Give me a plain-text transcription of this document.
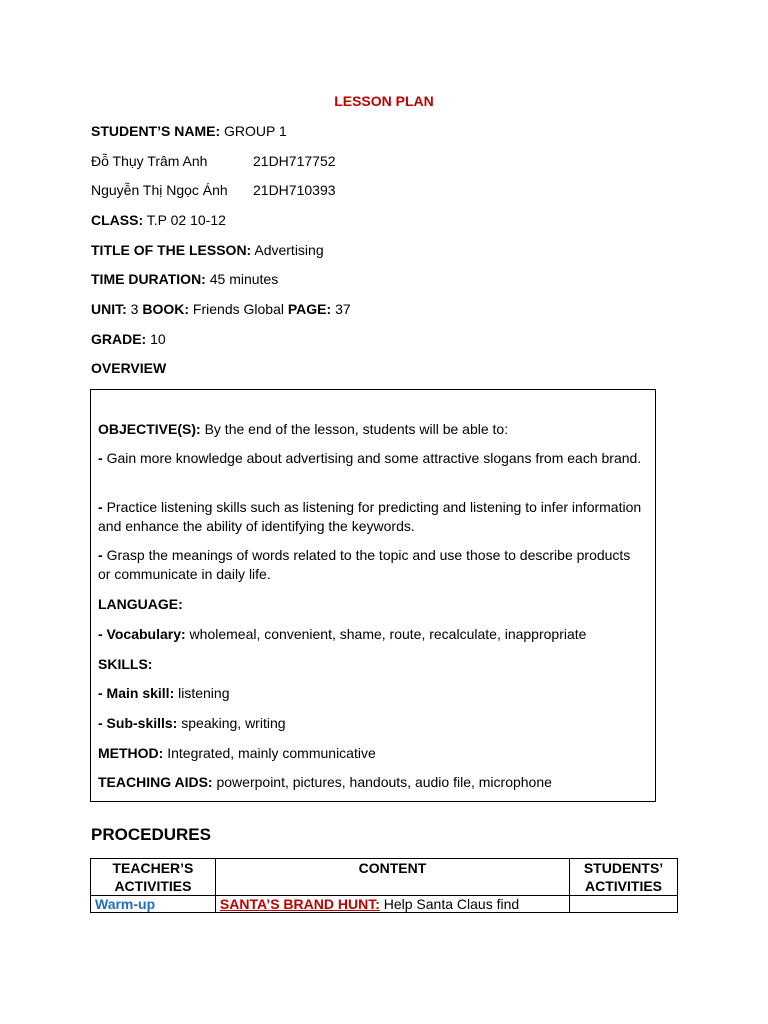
LESSON PLAN
STUDENT’S NAME: GROUP 1
Đỗ Thụy Trâm Anh	21DH717752
Nguyễn Thị Ngọc Ánh 21DH710393
CLASS: T.P 02 10-12
TITLE OF THE LESSON: Advertising
TIME DURATION: 45 minutes
UNIT: 3 BOOK: Friends Global PAGE: 37
GRADE: 10
OVERVIEW
OBJECTIVE(S): By the end of the lesson, students will be able to:
- Gain more knowledge about advertising and some attractive slogans from each brand.
- Practice listening skills such as listening for predicting and listening to infer information and enhance the ability of identifying the keywords.
- Grasp the meanings of words related to the topic and use those to describe products or communicate in daily life.
LANGUAGE:
- Vocabulary: wholemeal, convenient, shame, route, recalculate, inappropriate
SKILLS:
- Main skill: listening
- Sub-skills: speaking, writing
METHOD: Integrated, mainly communicative
TEACHING AIDS: powerpoint, pictures, handouts, audio file, microphone
PROCEDURES
TEACHER’S ACTIVITIES	CONTENT	STUDENTS’ ACTIVITIES
Warm-up	SANTA’S BRAND HUNT: Help Santa Claus find	
